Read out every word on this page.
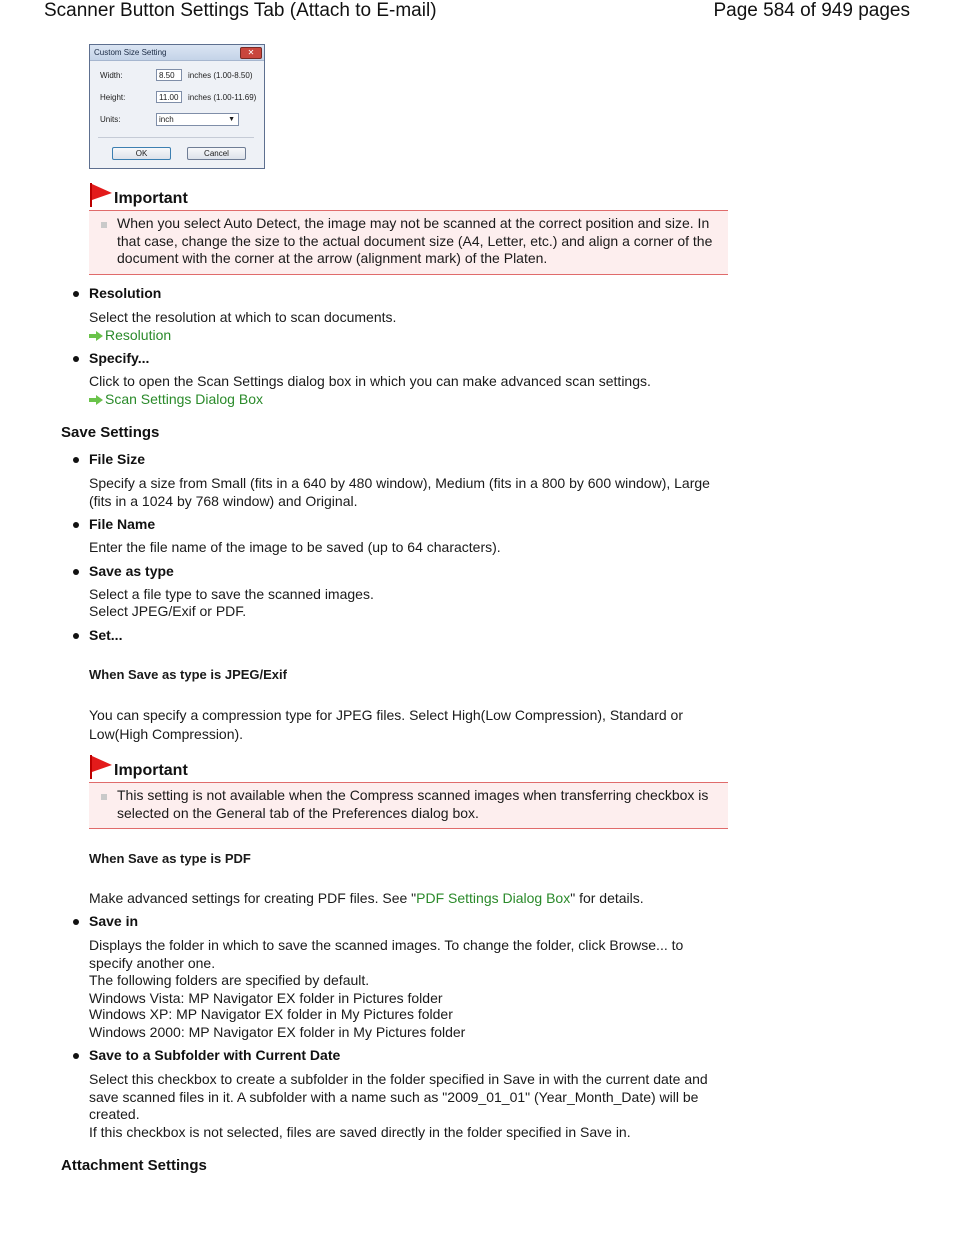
Scanner Button Settings Tab (Attach to E-mail)	Page 584 of 949 pages
Custom Size Setting	✕
Width:	8.50	inches (1.00-8.50)
Height:	11.00	inches (1.00-11.69)
Units:	inch	▼
OK	Cancel
Important
When you select Auto Detect, the image may not be scanned at the correct position and size. In that case, change the size to the actual document size (A4, Letter, etc.) and align a corner of the document with the corner at the arrow (alignment mark) of the Platen.
Resolution
Select the resolution at which to scan documents.
Resolution
Specify...
Click to open the Scan Settings dialog box in which you can make advanced scan settings.
Scan Settings Dialog Box
Save Settings
File Size
Specify a size from Small (fits in a 640 by 480 window), Medium (fits in a 800 by 600 window), Large (fits in a 1024 by 768 window) and Original.
File Name
Enter the file name of the image to be saved (up to 64 characters).
Save as type
Select a file type to save the scanned images.
Select JPEG/Exif or PDF.
Set...
When Save as type is JPEG/Exif
You can specify a compression type for JPEG files. Select High(Low Compression), Standard or Low(High Compression).
Important
This setting is not available when the Compress scanned images when transferring checkbox is selected on the General tab of the Preferences dialog box.
When Save as type is PDF
Make advanced settings for creating PDF files. See "PDF Settings Dialog Box" for details.
Save in
Displays the folder in which to save the scanned images. To change the folder, click Browse... to specify another one.
The following folders are specified by default.
Windows Vista: MP Navigator EX folder in Pictures folder
Windows XP: MP Navigator EX folder in My Pictures folder
Windows 2000: MP Navigator EX folder in My Pictures folder
Save to a Subfolder with Current Date
Select this checkbox to create a subfolder in the folder specified in Save in with the current date and save scanned files in it. A subfolder with a name such as "2009_01_01" (Year_Month_Date) will be created.
If this checkbox is not selected, files are saved directly in the folder specified in Save in.
Attachment Settings
